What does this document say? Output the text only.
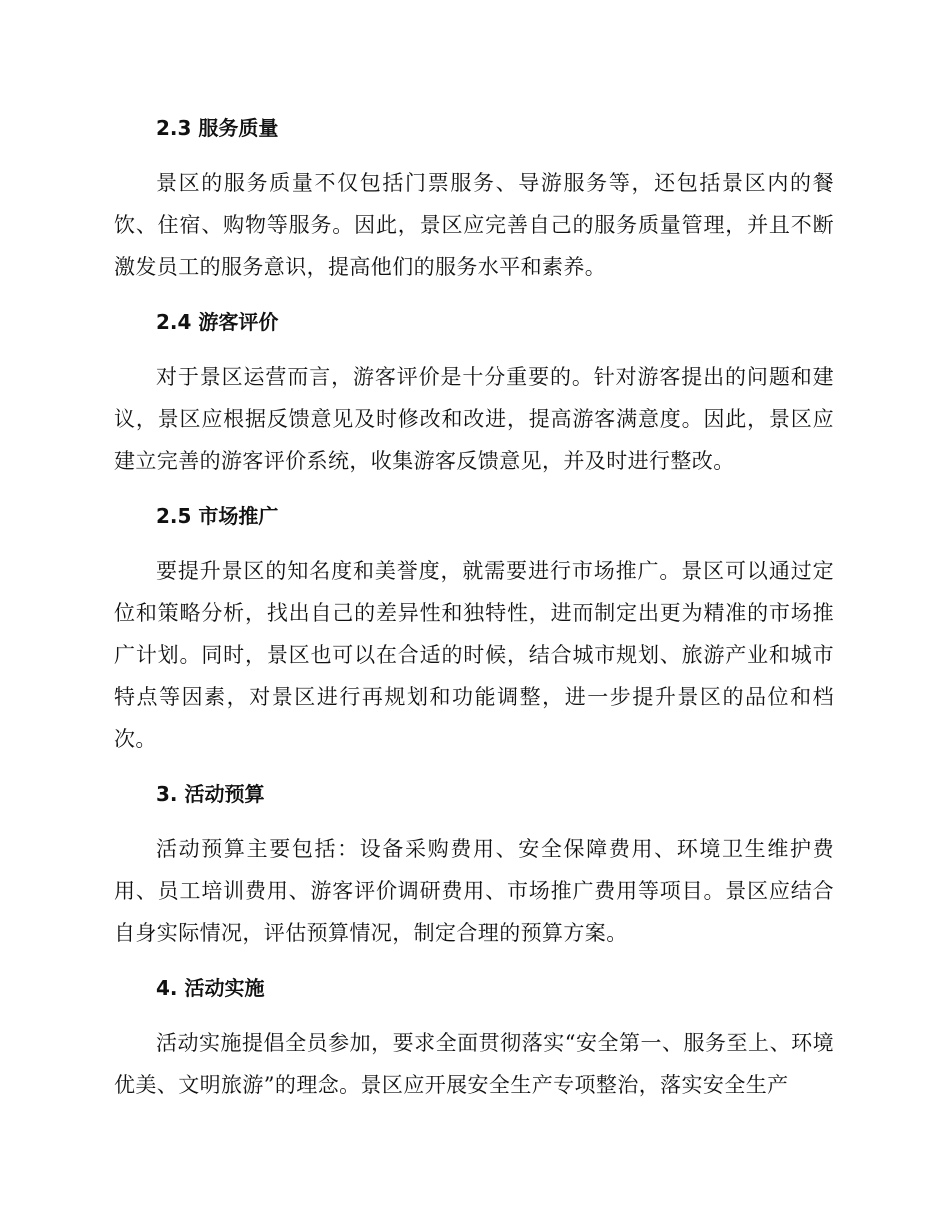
2.3 服务质量

景区的服务质量不仅包括门票服务、导游服务等，还包括景区内的餐饮、住宿、购物等服务。因此，景区应完善自己的服务质量管理，并且不断激发员工的服务意识，提高他们的服务水平和素养。

2.4 游客评价

对于景区运营而言，游客评价是十分重要的。针对游客提出的问题和建议，景区应根据反馈意见及时修改和改进，提高游客满意度。因此，景区应建立完善的游客评价系统，收集游客反馈意见，并及时进行整改。

2.5 市场推广

要提升景区的知名度和美誉度，就需要进行市场推广。景区可以通过定位和策略分析，找出自己的差异性和独特性，进而制定出更为精准的市场推广计划。同时，景区也可以在合适的时候，结合城市规划、旅游产业和城市特点等因素，对景区进行再规划和功能调整，进一步提升景区的品位和档次。

3. 活动预算

活动预算主要包括：设备采购费用、安全保障费用、环境卫生维护费用、员工培训费用、游客评价调研费用、市场推广费用等项目。景区应结合自身实际情况，评估预算情况，制定合理的预算方案。

4. 活动实施

活动实施提倡全员参加，要求全面贯彻落实“安全第一、服务至上、环境优美、文明旅游”的理念。景区应开展安全生产专项整治，落实安全生产
